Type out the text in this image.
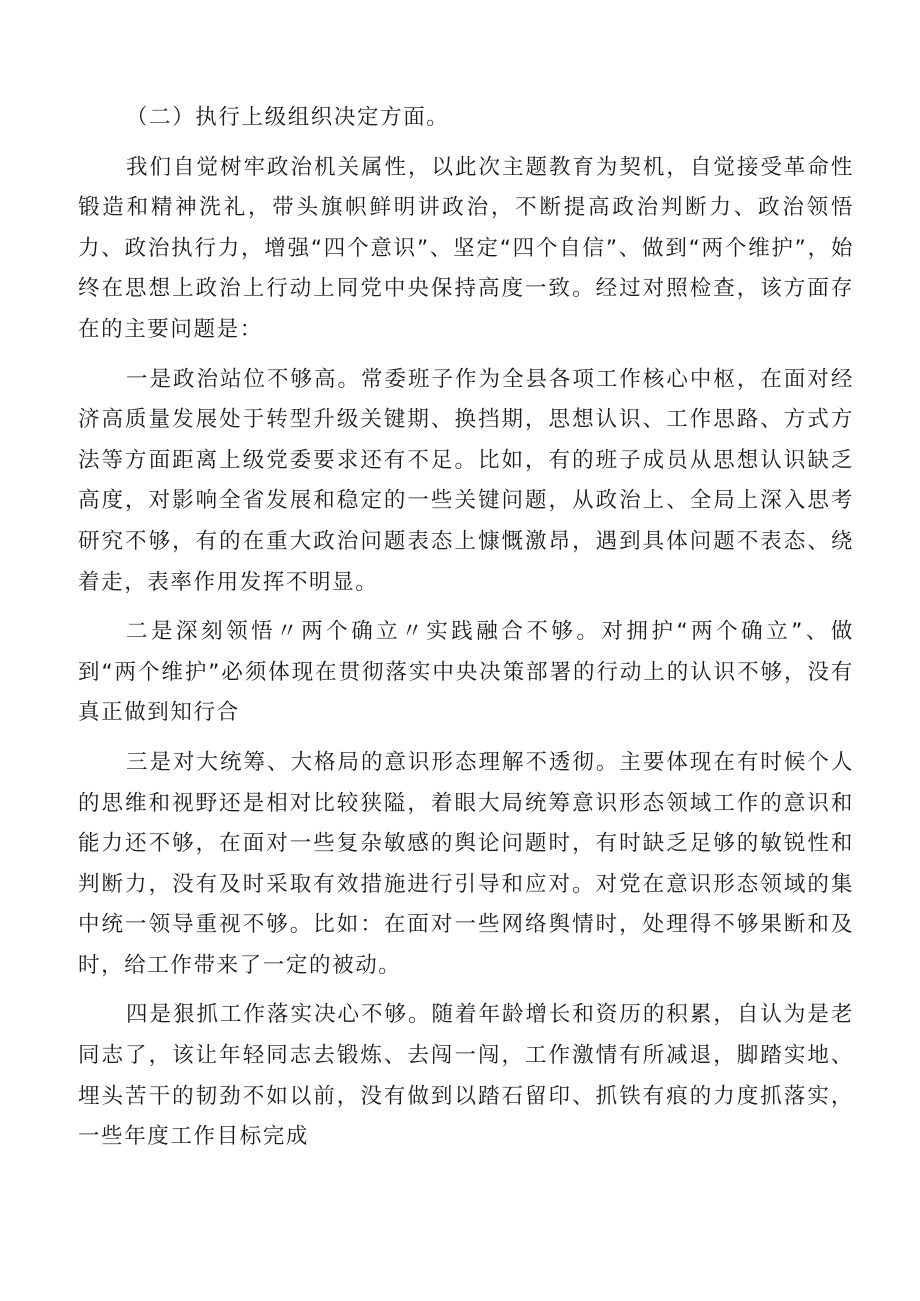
（二）执行上级组织决定方面。

我们自觉树牢政治机关属性，以此次主题教育为契机，自觉接受革命性锻造和精神洗礼，带头旗帜鲜明讲政治，不断提高政治判断力、政治领悟力、政治执行力，增强“四个意识”、坚定“四个自信”、做到“两个维护”，始终在思想上政治上行动上同党中央保持高度一致。经过对照检查，该方面存在的主要问题是：

一是政治站位不够高。常委班子作为全县各项工作核心中枢，在面对经济高质量发展处于转型升级关键期、换挡期，思想认识、工作思路、方式方法等方面距离上级党委要求还有不足。比如，有的班子成员从思想认识缺乏高度，对影响全省发展和稳定的一些关键问题，从政治上、全局上深入思考研究不够，有的在重大政治问题表态上慷慨激昂，遇到具体问题不表态、绕着走，表率作用发挥不明显。

二是深刻领悟〃两个确立〃实践融合不够。对拥护“两个确立”、做到“两个维护”必须体现在贯彻落实中央决策部署的行动上的认识不够，没有真正做到知行合

三是对大统筹、大格局的意识形态理解不透彻。主要体现在有时候个人的思维和视野还是相对比较狭隘，着眼大局统筹意识形态领域工作的意识和能力还不够，在面对一些复杂敏感的舆论问题时，有时缺乏足够的敏锐性和判断力，没有及时采取有效措施进行引导和应对。对党在意识形态领域的集中统一领导重视不够。比如：在面对一些网络舆情时，处理得不够果断和及时，给工作带来了一定的被动。

四是狠抓工作落实决心不够。随着年龄增长和资历的积累，自认为是老同志了，该让年轻同志去锻炼、去闯一闯，工作激情有所减退，脚踏实地、埋头苦干的韧劲不如以前，没有做到以踏石留印、抓铁有痕的力度抓落实，一些年度工作目标完成
